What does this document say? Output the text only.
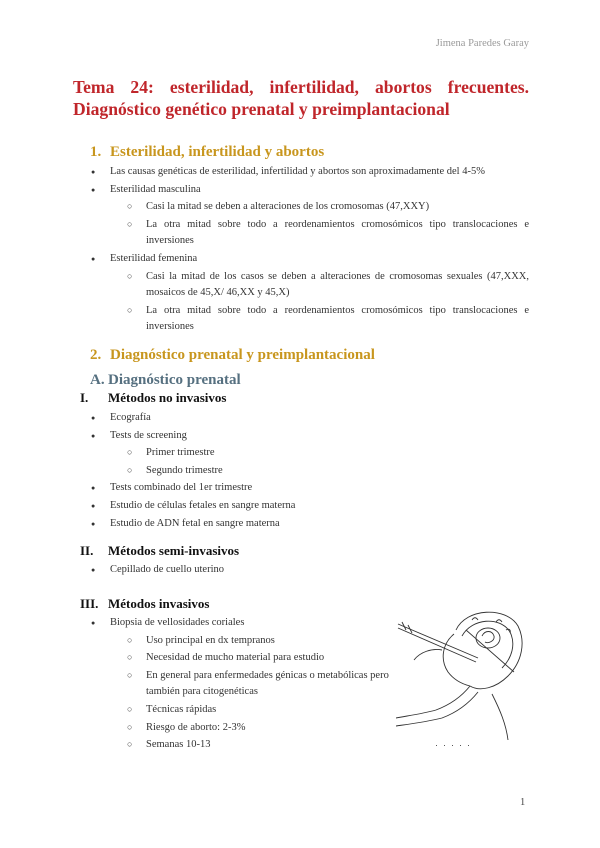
Jimena Paredes Garay
Tema 24: esterilidad, infertilidad, abortos frecuentes. Diagnóstico genético prenatal y preimplantacional
1. Esterilidad, infertilidad y abortos
● Las causas genéticas de esterilidad, infertilidad y abortos son aproximadamente del 4-5%
● Esterilidad masculina
○ Casi la mitad se deben a alteraciones de los cromosomas (47,XXY)
○ La otra mitad sobre todo a reordenamientos cromosómicos tipo translocaciones e inversiones
● Esterilidad femenina
○ Casi la mitad de los casos se deben a alteraciones de cromosomas sexuales (47,XXX, mosaicos de 45,X/ 46,XX y 45,X)
○ La otra mitad sobre todo a reordenamientos cromosómicos tipo translocaciones e inversiones
2. Diagnóstico prenatal y preimplantacional
A. Diagnóstico prenatal
I. Métodos no invasivos
● Ecografía
● Tests de screening
○ Primer trimestre
○ Segundo trimestre
● Tests combinado del 1er trimestre
● Estudio de células fetales en sangre materna
● Estudio de ADN fetal en sangre materna
II. Métodos semi-invasivos
● Cepillado de cuello uterino
III. Métodos invasivos
● Biopsia de vellosidades coriales
○ Uso principal en dx tempranos
○ Necesidad de mucho material para estudio
○ En general para enfermedades génicas o metabólicas pero también para citogenéticas
○ Técnicas rápidas
○ Riesgo de aborto: 2-3%
○ Semanas 10-13
1
